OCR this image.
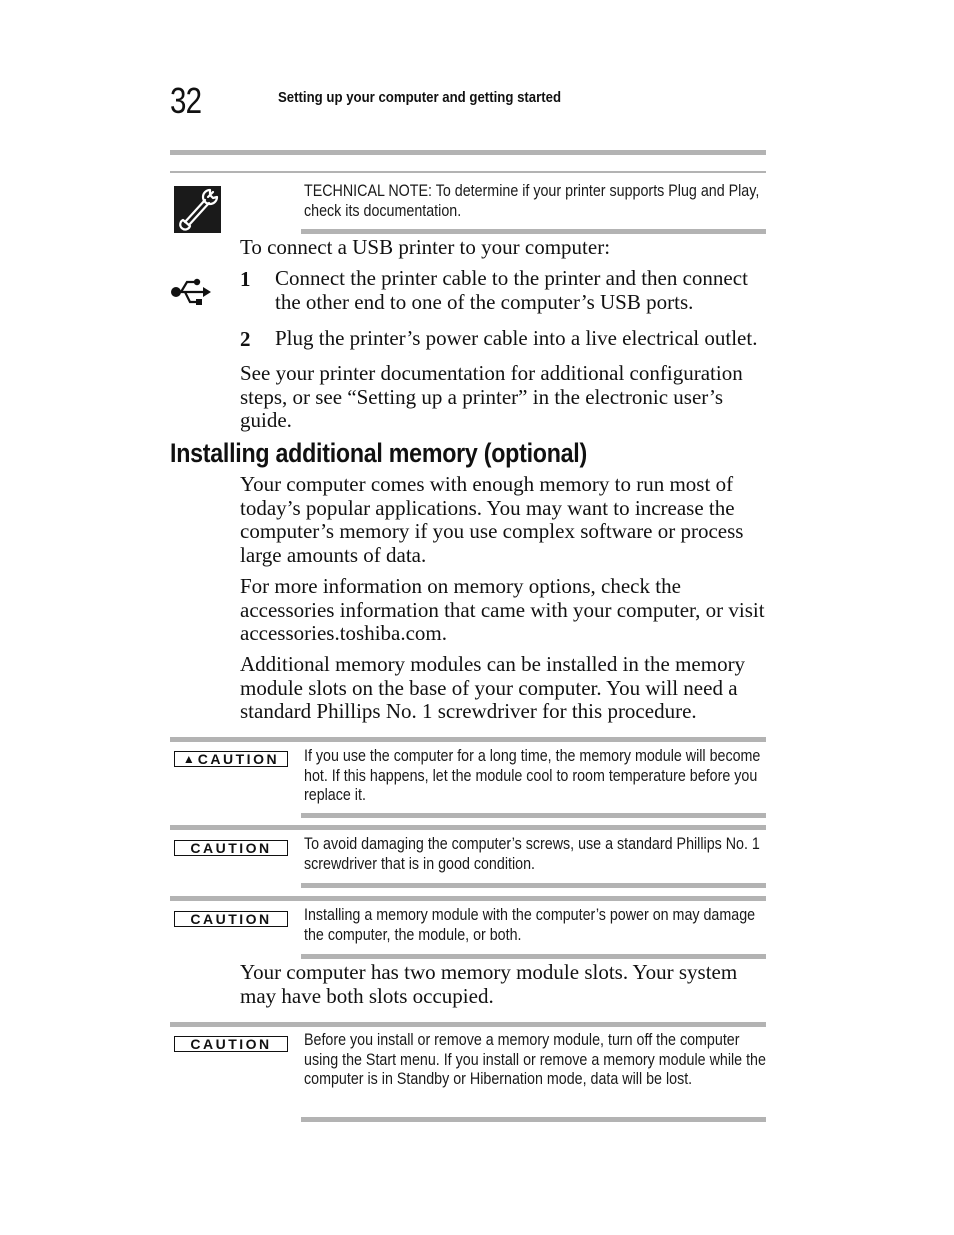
32	Setting up your computer and getting started
TECHNICAL NOTE: To determine if your printer supports Plug and Play, check its documentation.
To connect a USB printer to your computer:
1 Connect the printer cable to the printer and then connect the other end to one of the computer’s USB ports.
2 Plug the printer’s power cable into a live electrical outlet.
See your printer documentation for additional configuration steps, or see “Setting up a printer” in the electronic user’s guide.
Installing additional memory (optional)
Your computer comes with enough memory to run most of today’s popular applications. You may want to increase the computer’s memory if you use complex software or process large amounts of data.
For more information on memory options, check the accessories information that came with your computer, or visit accessories.toshiba.com.
Additional memory modules can be installed in the memory module slots on the base of your computer. You will need a standard Phillips No. 1 screwdriver for this procedure.
▲ CAUTION If you use the computer for a long time, the memory module will become hot. If this happens, let the module cool to room temperature before you replace it.
CAUTION To avoid damaging the computer’s screws, use a standard Phillips No. 1 screwdriver that is in good condition.
CAUTION Installing a memory module with the computer’s power on may damage the computer, the module, or both.
Your computer has two memory module slots. Your system may have both slots occupied.
CAUTION Before you install or remove a memory module, turn off the computer using the Start menu. If you install or remove a memory module while the computer is in Standby or Hibernation mode, data will be lost.
